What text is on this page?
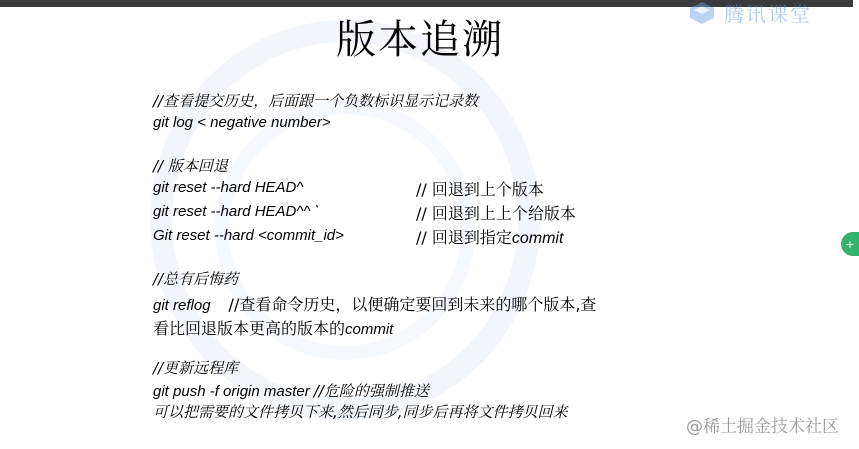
腾讯课堂
版本追溯
//查看提交历史，后面跟一个负数标识显示记录数
git log < negative number>
// 版本回退
git reset --hard HEAD^	// 回退到上个版本
git reset --hard HEAD^^ `	// 回退到上上个给版本
Git reset --hard <commit_id>	// 回退到指定commit
//总有后悔药
git reflog //查看命令历史，以便确定要回到未来的哪个版本,查
看比回退版本更高的版本的commit
//更新远程库
git push -f origin master //危险的强制推送
可以把需要的文件拷贝下来,然后同步,同步后再将文件拷贝回来
+
@稀土掘金技术社区
